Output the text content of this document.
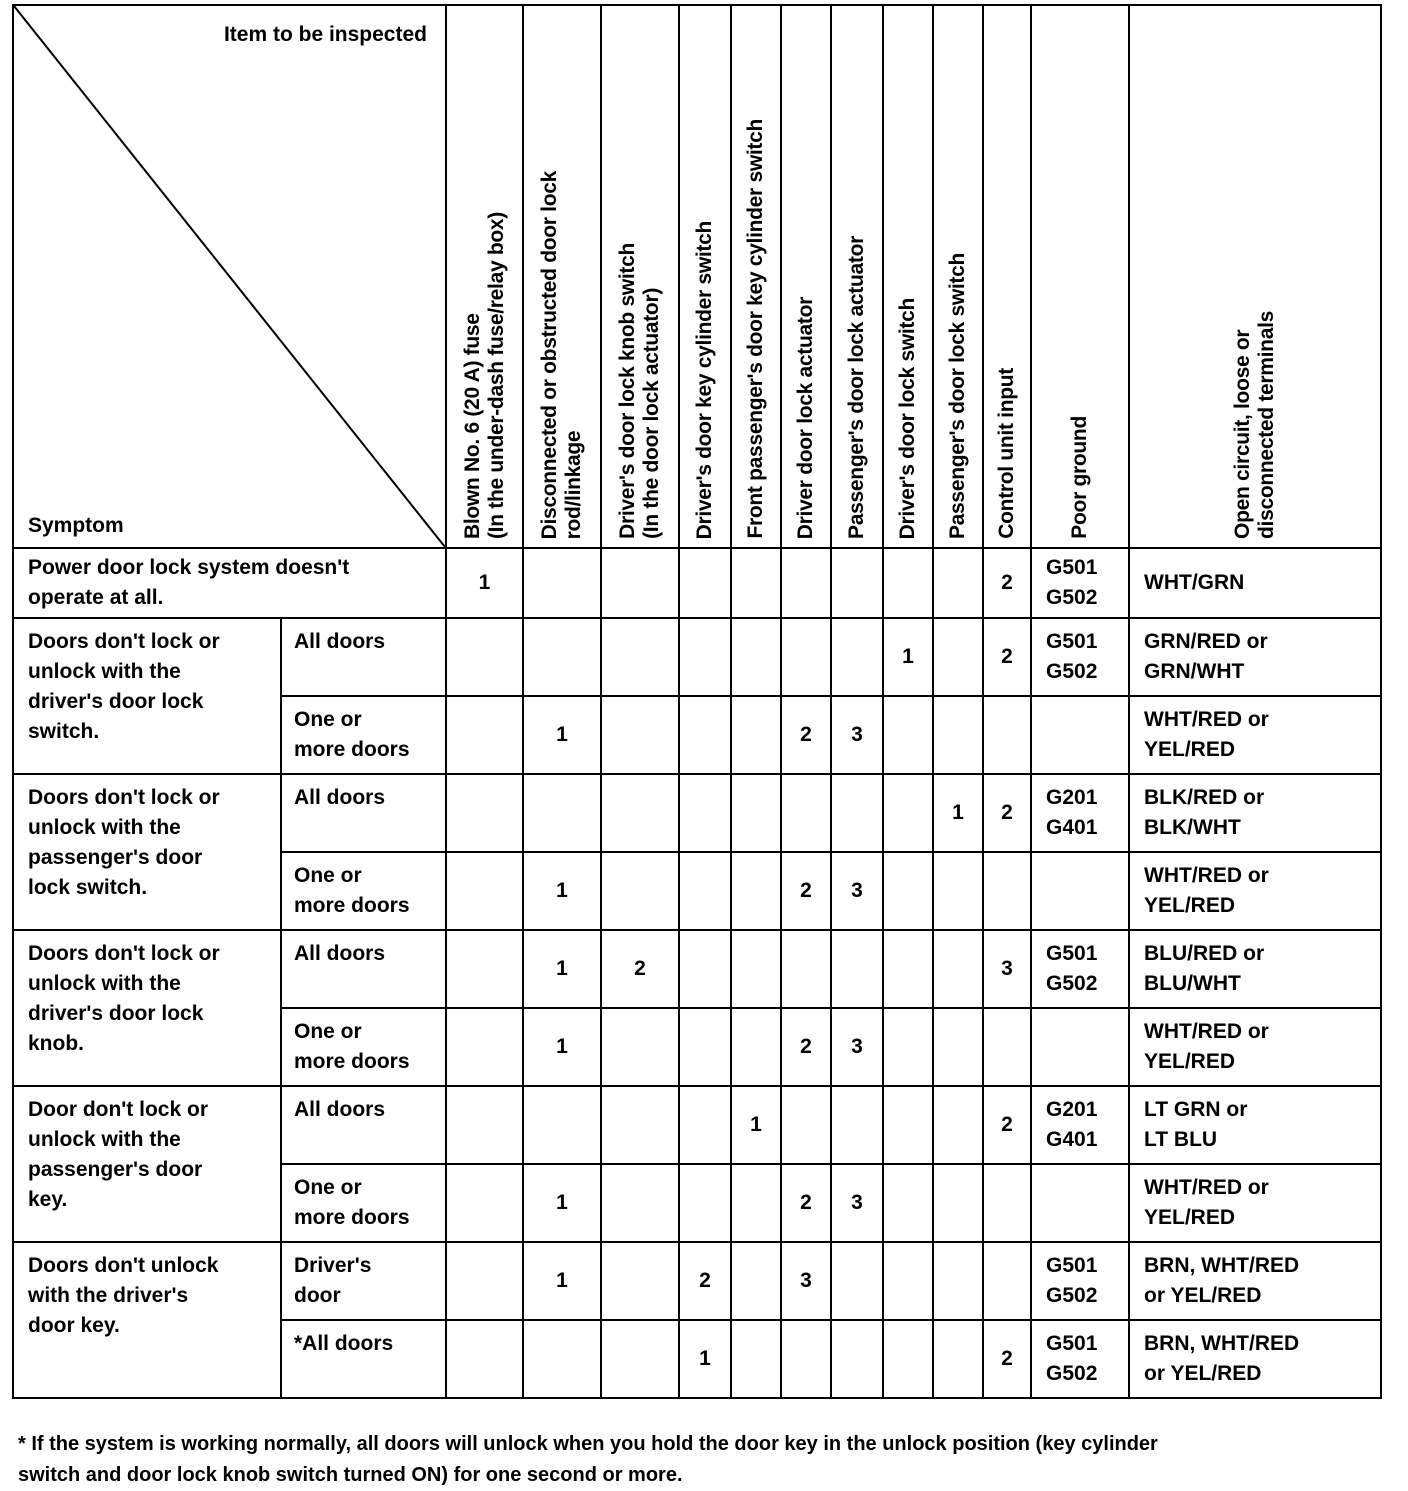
Item to be inspected
Symptom		Blown No. 6 (20 A) fuse
(In the under-dash fuse/relay box)	Disconnected or obstructed door lock
rod/linkage	Driver's door lock knob switch
(In the door lock actuator)	Driver's door key cylinder switch	Front passenger's door key cylinder switch	Driver door lock actuator	Passenger's door lock actuator	Driver's door lock switch	Passenger's door lock switch	Control unit input	Poor ground	Open circuit, loose or
disconnected terminals
Power door lock system doesn't
operate at all.		1									2	G501
G502	WHT/GRN
Doors don't lock or
unlock with the
driver's door lock
switch.	All doors								1		2	G501
G502	GRN/RED or
GRN/WHT
	One or
more doors		1				2	3					WHT/RED or
YEL/RED
Doors don't lock or
unlock with the
passenger's door
lock switch.	All doors									1	2	G201
G401	BLK/RED or
BLK/WHT
	One or
more doors		1				2	3					WHT/RED or
YEL/RED
Doors don't lock or
unlock with the
driver's door lock
knob.	All doors		1	2							3	G501
G502	BLU/RED or
BLU/WHT
	One or
more doors		1				2	3					WHT/RED or
YEL/RED
Door don't lock or
unlock with the
passenger's door
key.	All doors					1					2	G201
G401	LT GRN or
LT BLU
	One or
more doors		1				2	3					WHT/RED or
YEL/RED
Doors don't unlock
with the driver's
door key.	Driver's
door		1		2		3					G501
G502	BRN, WHT/RED
or YEL/RED
	*All doors				1						2	G501
G502	BRN, WHT/RED
or YEL/RED
* If the system is working normally, all doors will unlock when you hold the door key in the unlock position (key cylinder
switch and door lock knob switch turned ON) for one second or more.
